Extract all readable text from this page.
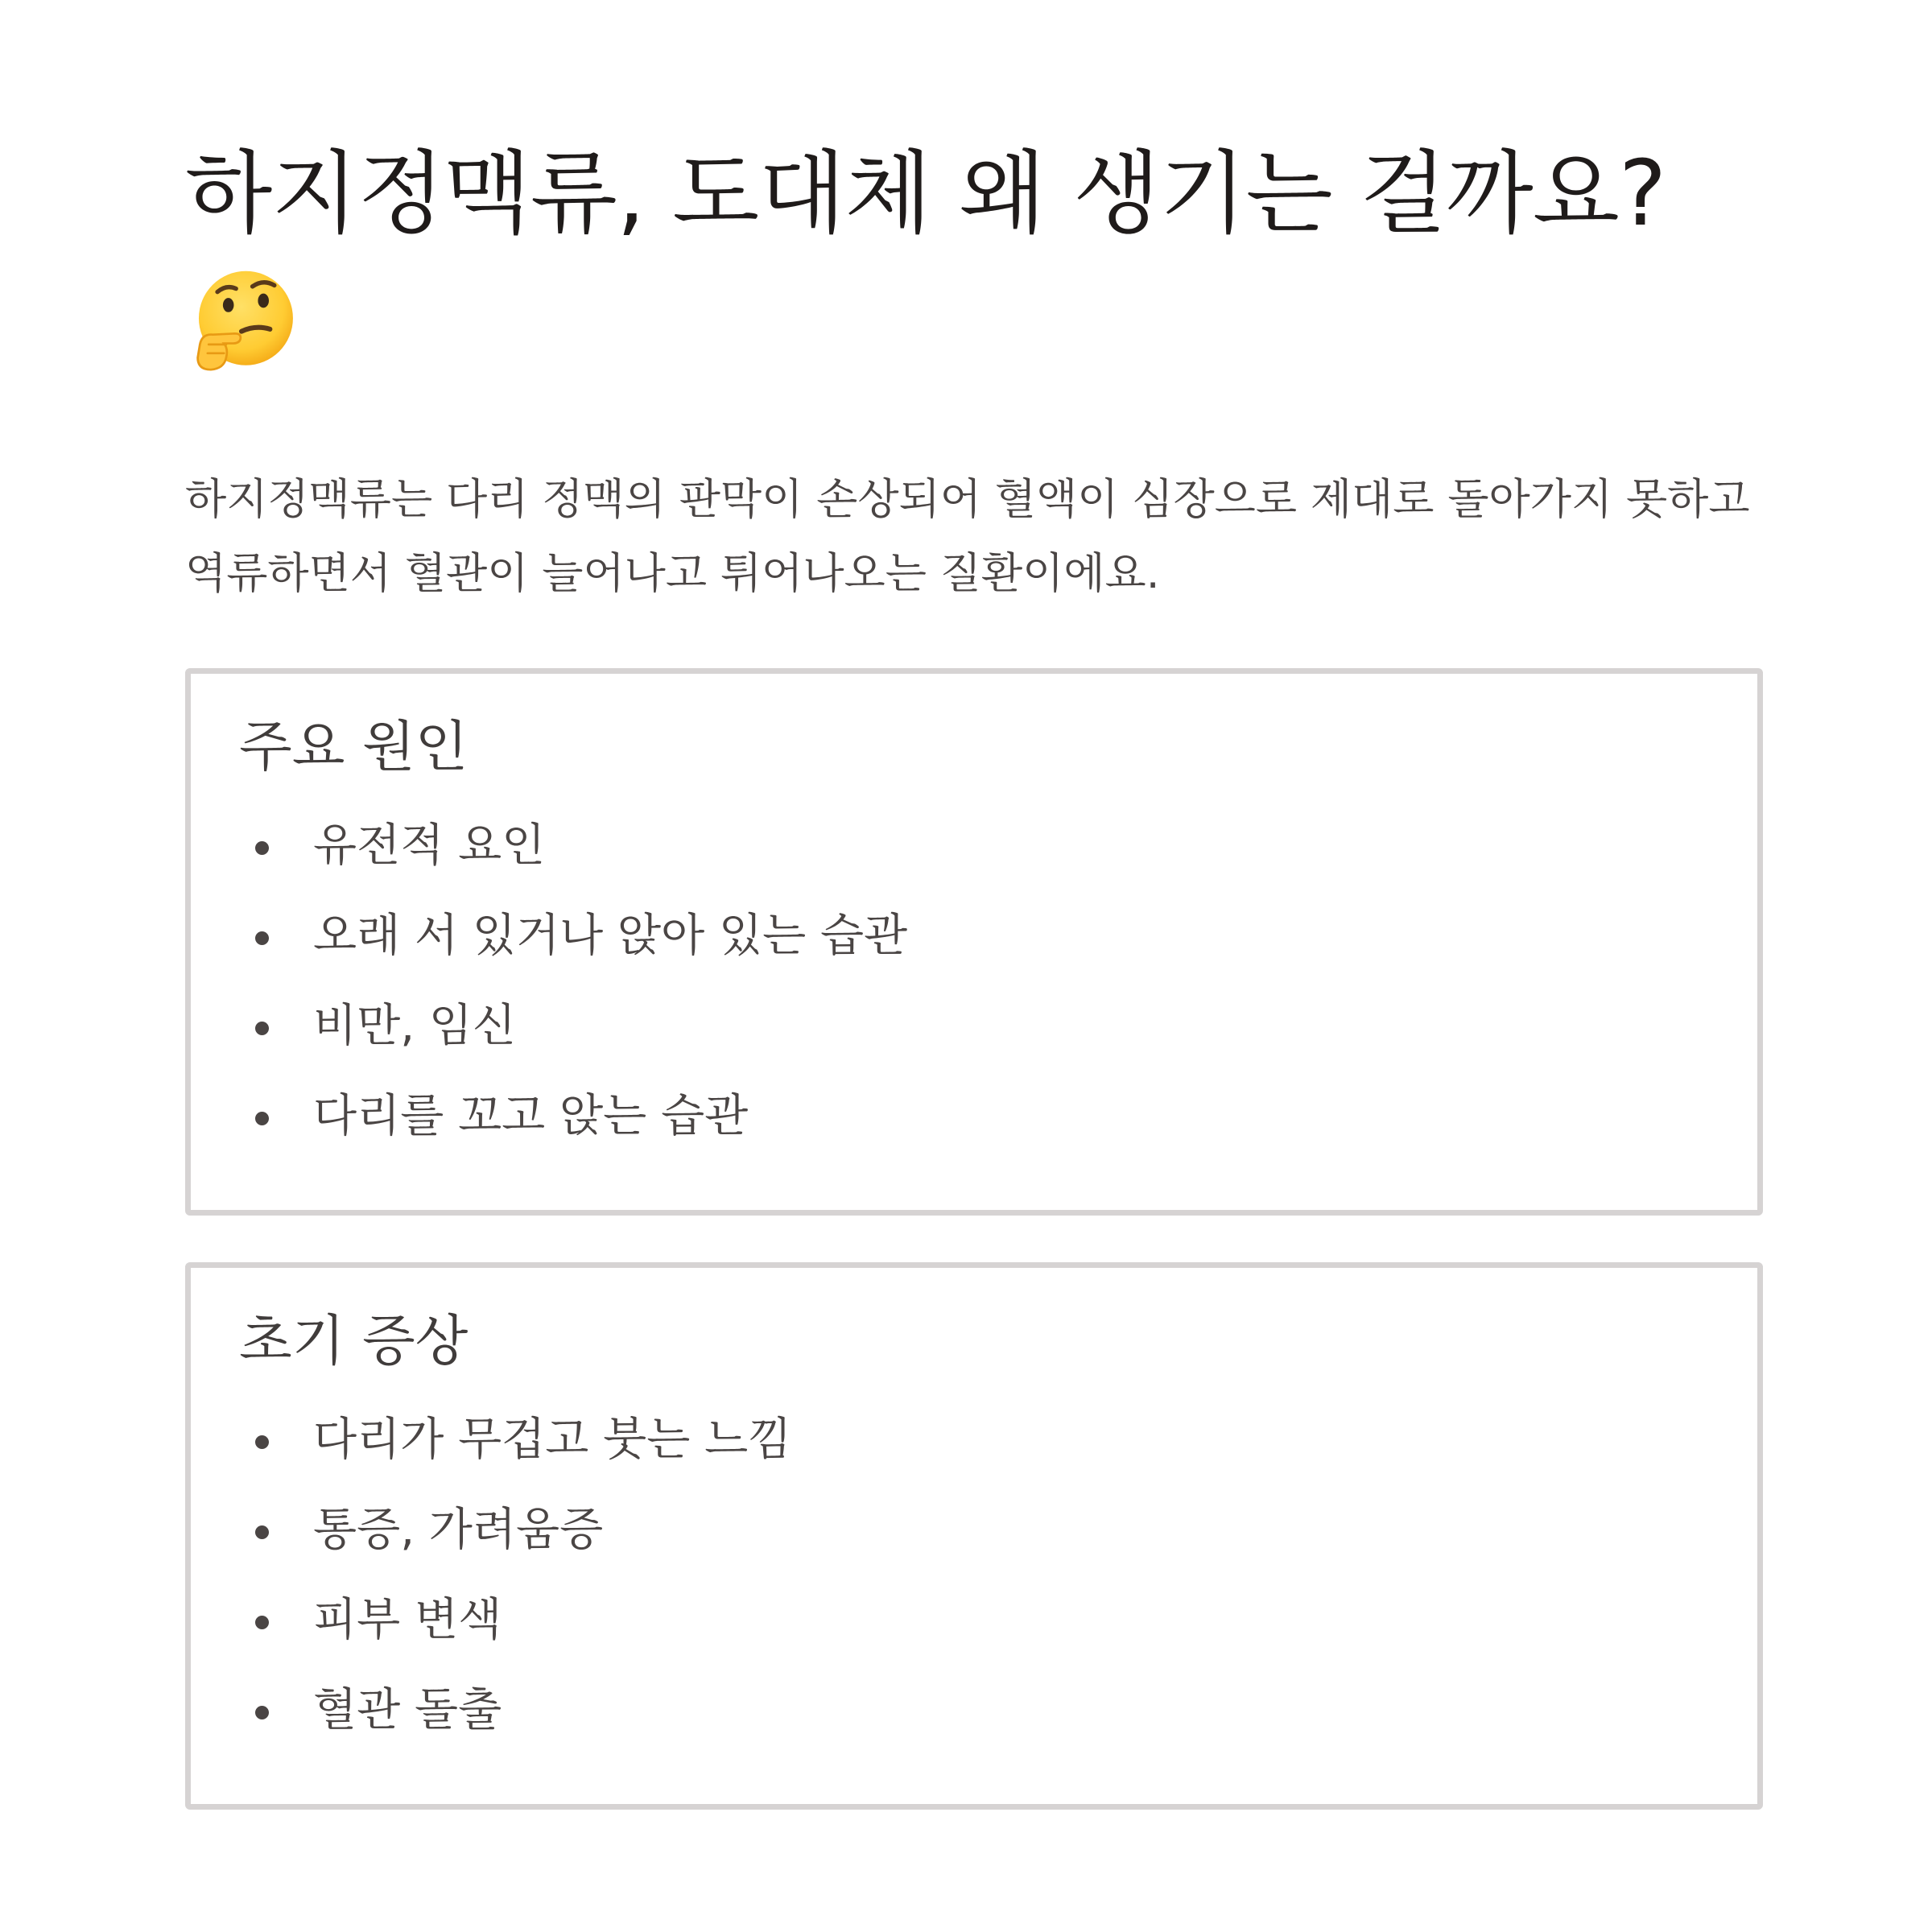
하지정맥류, 도대체 왜 생기는 걸까요?

하지정맥류는 다리 정맥의 판막이 손상되어 혈액이 심장으로 제대로 돌아가지 못하고 역류하면서 혈관이 늘어나고 튀어나오는 질환이에요.

주요 원인
유전적 요인
오래 서 있거나 앉아 있는 습관
비만, 임신
다리를 꼬고 앉는 습관
초기 증상
다리가 무겁고 붓는 느낌
통증, 가려움증
피부 변색
혈관 돌출
